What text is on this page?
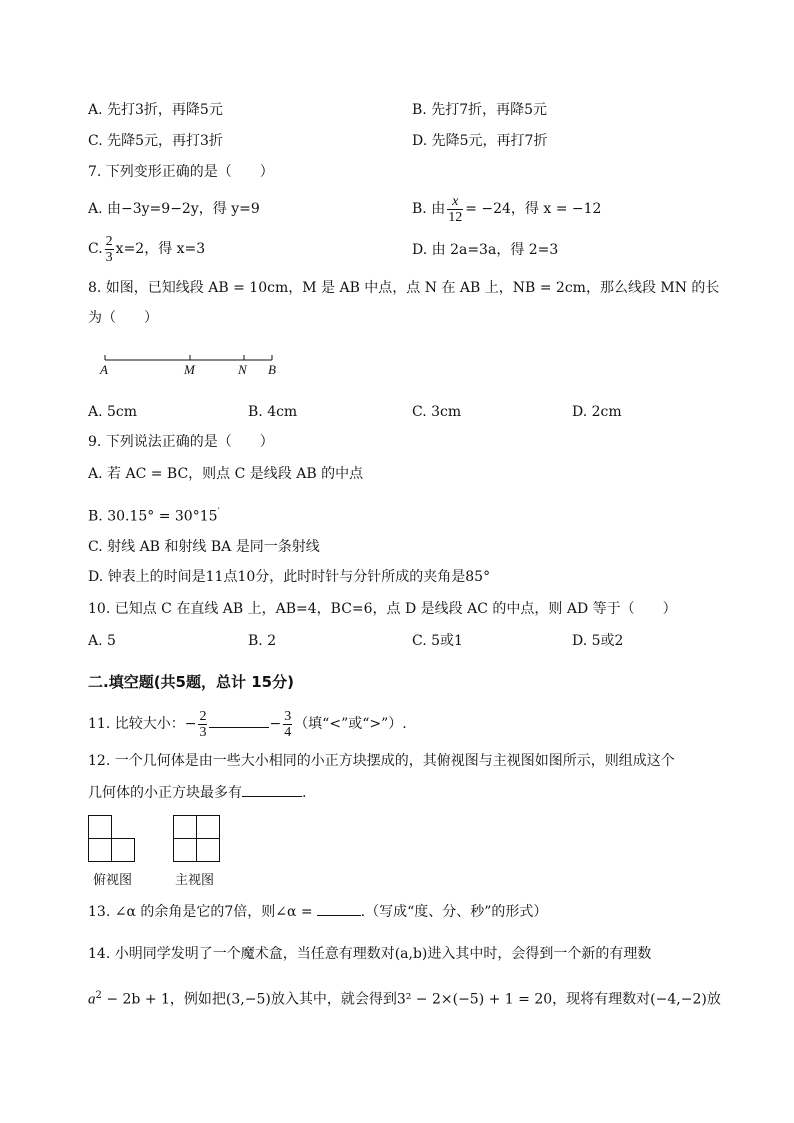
A. 先打3折，再降5元	B. 先打7折，再降5元
C. 先降5元，再打3折	D. 先降5元，再打7折
7. 下列变形正确的是（　　）
A. 由−3y=9−2y，得 y=9	B. 由 $\frac{x}{12} = -24$，得 x = −12
C. $\frac{2}{3} x=2$，得 x=3	D. 由 2a=3a，得 2=3
8. 如图，已知线段 AB = 10cm，M 是 AB 中点，点 N 在 AB 上，NB = 2cm，那么线段 MN 的长
为（　　）
A	M	N B
A. 5cm	B. 4cm	C. 3cm	D. 2cm
9. 下列说法正确的是（　　）
A. 若 AC = BC，则点 C 是线段 AB 的中点
B. 30.15° = 30°15′
C. 射线 AB 和射线 BA 是同一条射线
D. 钟表上的时间是11点10分，此时时针与分针所成的夹角是85°
10. 已知点 C 在直线 AB 上，AB=4，BC=6，点 D 是线段 AC 的中点，则 AD 等于（　　）
A. 5	B. 2	C. 5或1	D. 5或2
二.填空题(共5题，总计 15分)
11. 比较大小：− $\frac{2}{3}$	− $\frac{3}{4}$ （填“<”或“>”）.
12. 一个几何体是由一些大小相同的小正方块摆成的，其俯视图与主视图如图所示，则组成这个
几何体的小正方块最多有	.
俯视图	主视图
13. ∠α 的余角是它的7倍，则∠α =	.（写成“度、分、秒”的形式）
14. 小明同学发明了一个魔术盒，当任意有理数对(a,b)进入其中时，会得到一个新的有理数
$a^2 - 2b + 1$，例如把(3,−5)放入其中，就会得到3² − 2×(−5) + 1 = 20，现将有理数对(−4,−2)放
